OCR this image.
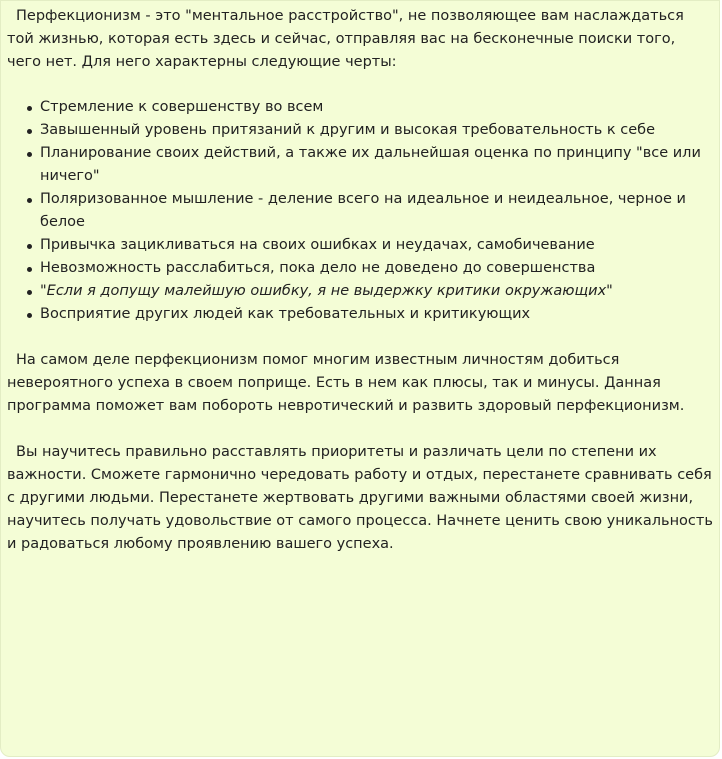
Перфекционизм - это "ментальное расстройство", не позволяющее вам наслаждаться той жизнью, которая есть здесь и сейчас, отправляя вас на бесконечные поиски того, чего нет. Для него характерны следующие черты:

Стремление к совершенству во всем
Завышенный уровень притязаний к другим и высокая требовательность к себе
Планирование своих действий, а также их дальнейшая оценка по принципу "все или ничего"
Поляризованное мышление - деление всего на идеальное и неидеальное, черное и белое
Привычка зацикливаться на своих ошибках и неудачах, самобичевание
Невозможность расслабиться, пока дело не доведено до совершенства
"Если я допущу малейшую ошибку, я не выдержку критики окружающих"
Восприятие других людей как требовательных и критикующих

На самом деле перфекционизм помог многим известным личностям добиться невероятного успеха в своем поприще. Есть в нем как плюсы, так и минусы. Данная программа поможет вам побороть невротический и развить здоровый перфекционизм.

Вы научитесь правильно расставлять приоритеты и различать цели по степени их важности. Сможете гармонично чередовать работу и отдых, перестанете сравнивать себя с другими людьми. Перестанете жертвовать другими важными областями своей жизни, научитесь получать удовольствие от самого процесса. Начнете ценить свою уникальность и радоваться любому проявлению вашего успеха.
